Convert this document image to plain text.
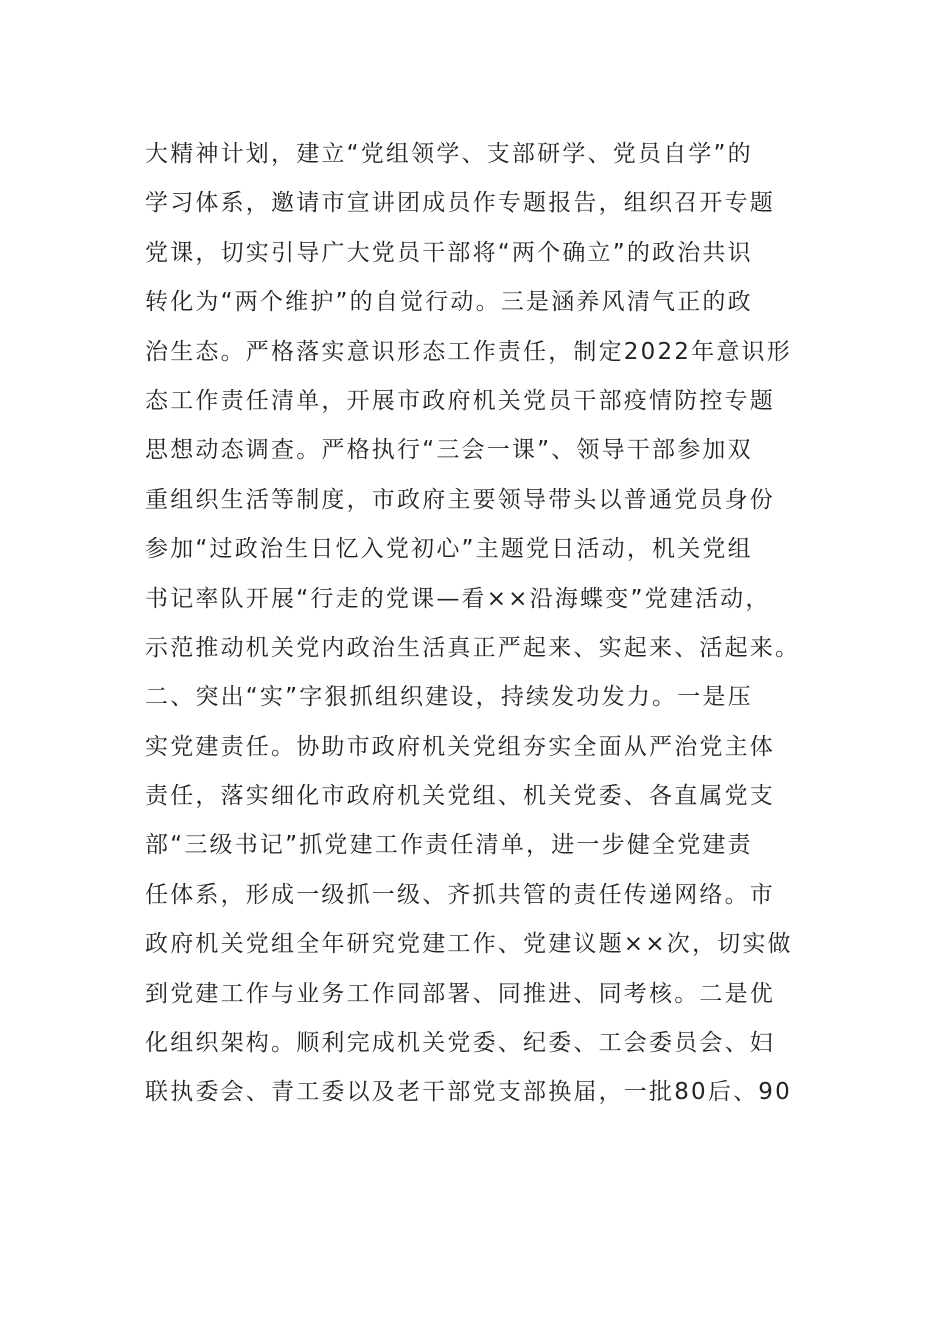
大精神计划，建立“党组领学、支部研学、党员自学”的
学习体系，邀请市宣讲团成员作专题报告，组织召开专题
党课，切实引导广大党员干部将“两个确立”的政治共识
转化为“两个维护”的自觉行动。三是涵养风清气正的政
治生态。严格落实意识形态工作责任，制定2022年意识形
态工作责任清单，开展市政府机关党员干部疫情防控专题
思想动态调查。严格执行“三会一课”、领导干部参加双
重组织生活等制度，市政府主要领导带头以普通党员身份
参加“过政治生日忆入党初心”主题党日活动，机关党组
书记率队开展“行走的党课—看××沿海蝶变”党建活动，
示范推动机关党内政治生活真正严起来、实起来、活起来。
二、突出“实”字狠抓组织建设，持续发功发力。一是压
实党建责任。协助市政府机关党组夯实全面从严治党主体
责任，落实细化市政府机关党组、机关党委、各直属党支
部“三级书记”抓党建工作责任清单，进一步健全党建责
任体系，形成一级抓一级、齐抓共管的责任传递网络。市
政府机关党组全年研究党建工作、党建议题××次，切实做
到党建工作与业务工作同部署、同推进、同考核。二是优
化组织架构。顺利完成机关党委、纪委、工会委员会、妇
联执委会、青工委以及老干部党支部换届，一批80后、90
